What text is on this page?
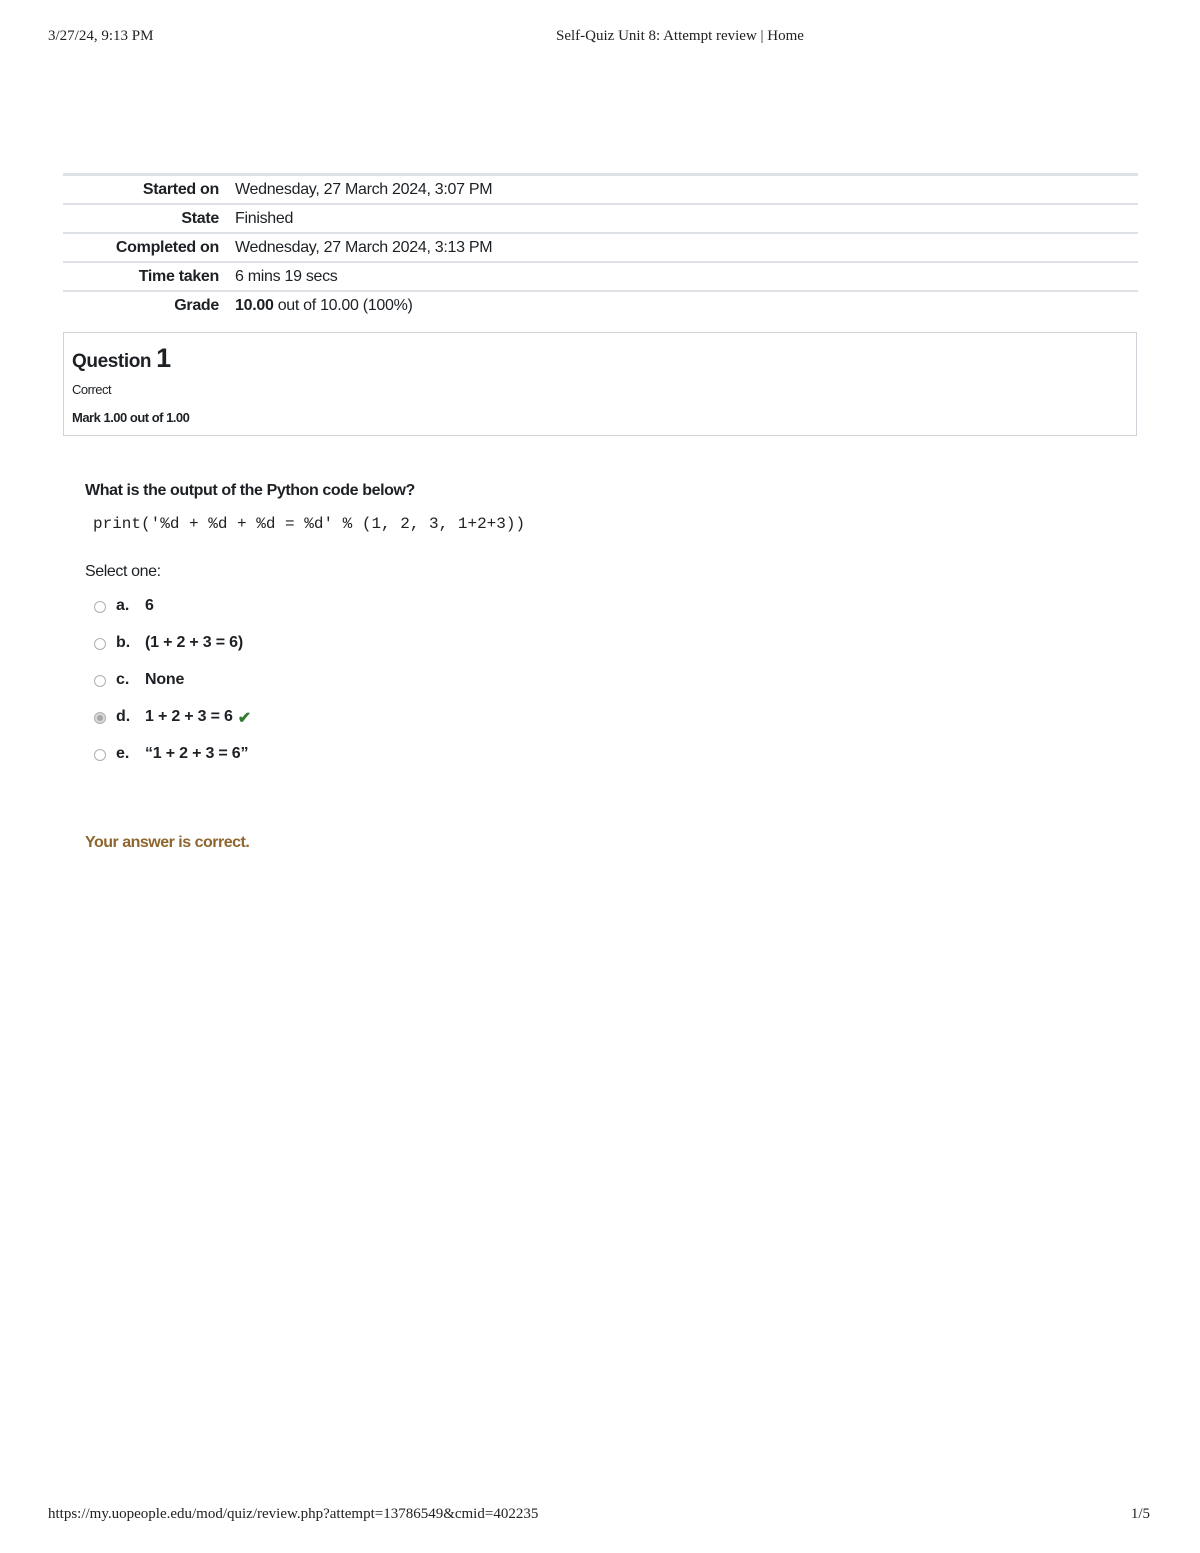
3/27/24, 9:13 PM	Self-Quiz Unit 8: Attempt review | Home
Started on	Wednesday, 27 March 2024, 3:07 PM
State	Finished
Completed on	Wednesday, 27 March 2024, 3:13 PM
Time taken	6 mins 19 secs
Grade	10.00 out of 10.00 (100%)
Question 1
Correct
Mark 1.00 out of 1.00
What is the output of the Python code below?
print('%d + %d + %d = %d' % (1, 2, 3, 1+2+3))
Select one:
a. 6
b. (1 + 2 + 3 = 6)
c. None
d. 1 + 2 + 3 = 6 ✔
e. “1 + 2 + 3 = 6”
Your answer is correct.
https://my.uopeople.edu/mod/quiz/review.php?attempt=13786549&cmid=402235	1/5
